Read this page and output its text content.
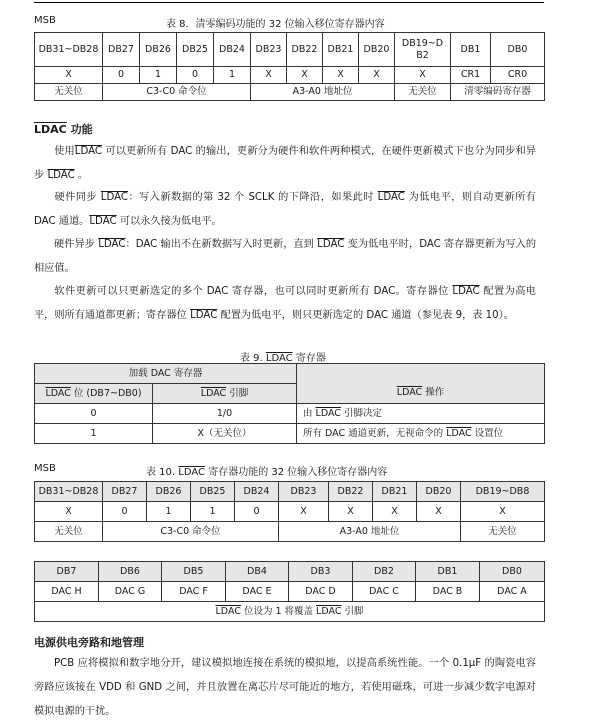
MSB	表 8．清零编码功能的 32 位输入移位寄存器内容
DB31~DB28	DB27	DB26	DB25	DB24	DB23	DB22	DB21	DB20	DB19~DB2	DB1	DB0
X	0	1	0	1	X	X	X	X	X	CR1	CR0
无关位	C3-C0 命令位				A3-A0 地址位				无关位	清零编码寄存器	
LDAC 功能
使用LDAC 可以更新所有 DAC 的输出，更新分为硬件和软件两种模式，在硬件更新模式下也分为同步和异步 LDAC 。
硬件同步 LDAC：写入新数据的第 32 个 SCLK 的下降沿，如果此时 LDAC 为低电平，则自动更新所有 DAC 通道。LDAC 可以永久接为低电平。
硬件异步 LDAC：DAC 输出不在新数据写入时更新，直到 LDAC 变为低电平时，DAC 寄存器更新为写入的相应值。
软件更新可以只更新选定的多个 DAC 寄存器，也可以同时更新所有 DAC。寄存器位 LDAC 配置为高电平，则所有通道都更新；寄存器位 LDAC 配置为低电平，则只更新选定的 DAC 通道（参见表 9，表 10）。
表 9. LDAC 寄存器
加载 DAC 寄存器		
LDAC 位 (DB7~DB0)	LDAC 引脚	LDAC 操作
0	1/0	由 LDAC 引脚决定
1	X（无关位）	所有 DAC 通道更新，无视命令的 LDAC 设置位
MSB	表 10. LDAC 寄存器功能的 32 位输入移位寄存器内容
DB31~DB28	DB27	DB26	DB25	DB24	DB23	DB22	DB21	DB20	DB19~DB8
X	0	1	1	0	X	X	X	X	X
无关位	C3-C0 命令位				A3-A0 地址位				无关位
DB7	DB6	DB5	DB4	DB3	DB2	DB1	DB0
DAC H	DAC G	DAC F	DAC E	DAC D	DAC C	DAC B	DAC A
LDAC 位设为 1 将覆盖 LDAC 引脚							
电源供电旁路和地管理
PCB 应将模拟和数字地分开，建议模拟地连接在系统的模拟地，以提高系统性能。一个 0.1μF 的陶瓷电容旁路应该接在 VDD 和 GND 之间，并且放置在离芯片尽可能近的地方，若使用磁珠，可进一步减少数字电源对模拟电源的干扰。
